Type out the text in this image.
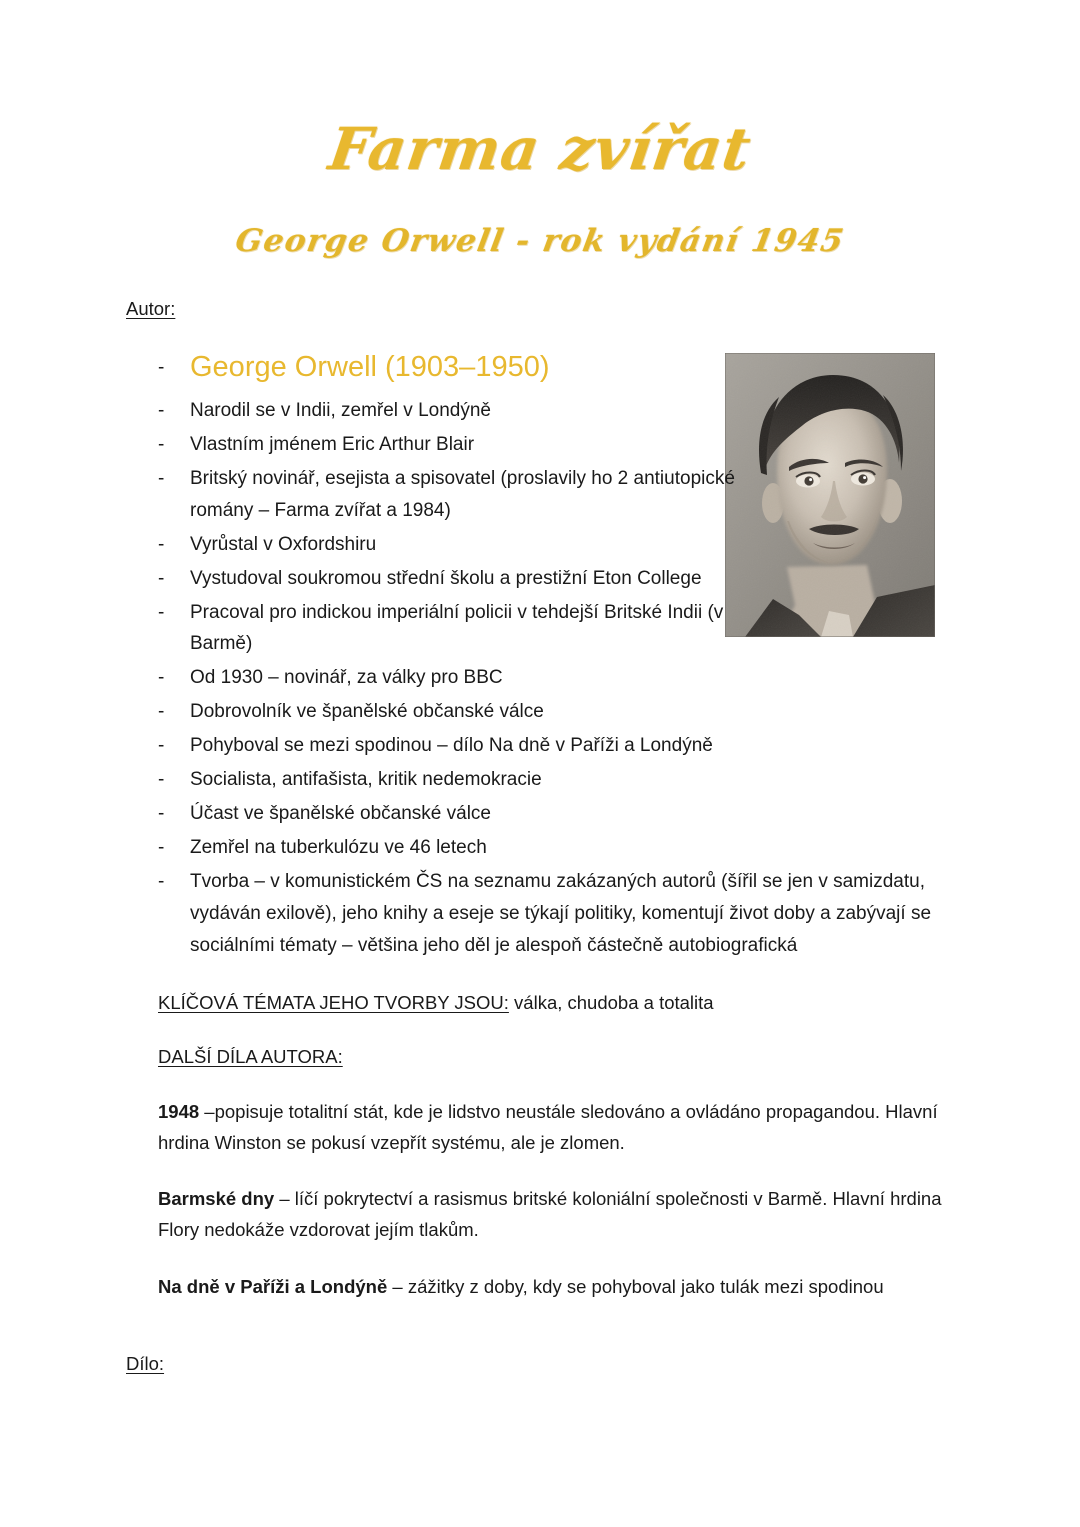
Farma zvířat
George Orwell - rok vydání 1945
Autor:
- George Orwell (1903–1950)
- Narodil se v Indii, zemřel v Londýně
- Vlastním jménem Eric Arthur Blair
- Britský novinář, esejista a spisovatel (proslavily ho 2 antiutopické romány – Farma zvířat a 1984)
- Vyrůstal v Oxfordshiru
- Vystudoval soukromou střední školu a prestižní Eton College
- Pracoval pro indickou imperiální policii v tehdejší Britské Indii (v Barmě)
- Od 1930 – novinář, za války pro BBC
- Dobrovolník ve španělské občanské válce
- Pohyboval se mezi spodinou – dílo Na dně v Paříži a Londýně
- Socialista, antifašista, kritik nedemokracie
- Účast ve španělské občanské válce
- Zemřel na tuberkulózu ve 46 letech
- Tvorba – v komunistickém ČS na seznamu zakázaných autorů (šířil se jen v samizdatu, vydáván exilově), jeho knihy a eseje se týkají politiky, komentují život doby a zabývají se sociálními tématy – většina jeho děl je alespoň částečně autobiografická
KLÍČOVÁ TÉMATA JEHO TVORBY JSOU: válka, chudoba a totalita
DALŠÍ DÍLA AUTORA:

1948 –popisuje totalitní stát, kde je lidstvo neustále sledováno a ovládáno propagandou. Hlavní hrdina Winston se pokusí vzepřít systému, ale je zlomen.

Barmské dny – líčí pokrytectví a rasismus britské koloniální společnosti v Barmě. Hlavní hrdina Flory nedokáže vzdorovat jejím tlakům.

Na dně v Paříži a Londýně – zážitky z doby, kdy se pohyboval jako tulák mezi spodinou

Dílo:
